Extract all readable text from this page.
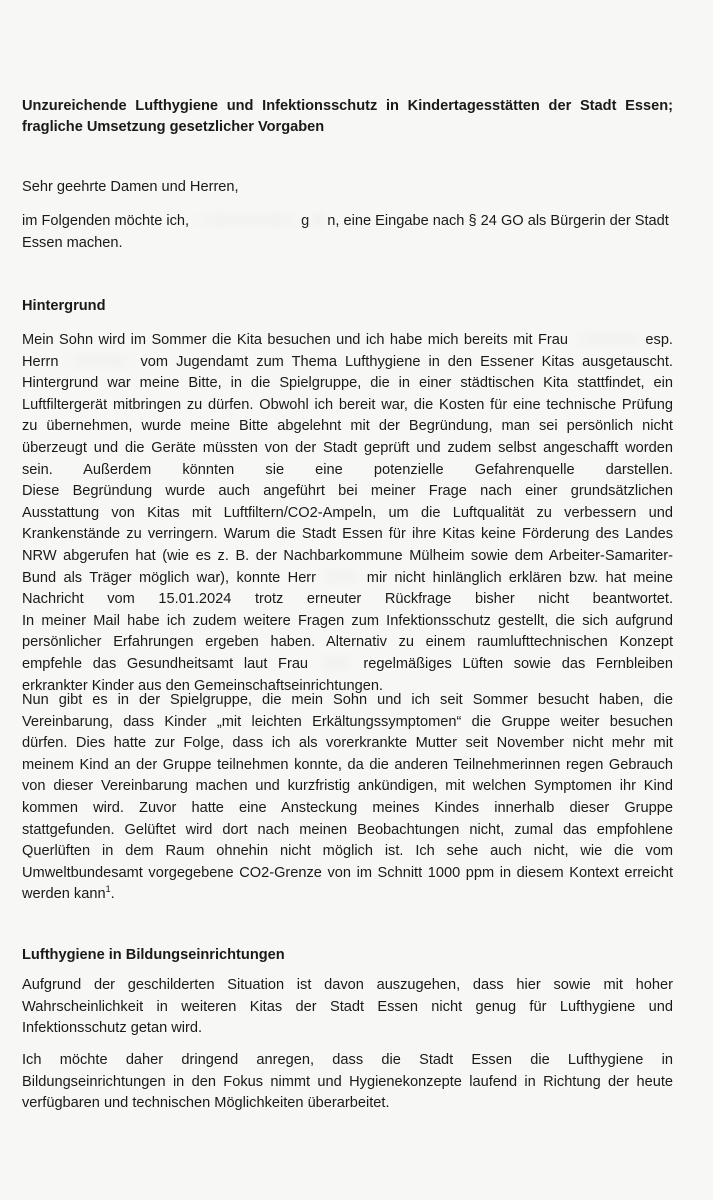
Unzureichende Lufthygiene und Infektionsschutz in Kindertagesstätten der Stadt Essen;
fragliche Umsetzung gesetzlicher Vorgaben
Sehr geehrte Damen und Herren,
im Folgenden möchte ich,	g n, eine Eingabe nach § 24 GO als Bürgerin der Stadt
Essen machen.
Hintergrund
Mein Sohn wird im Sommer die Kita besuchen und ich habe mich bereits mit Frau	esp.
Herrn	vom Jugendamt zum Thema Lufthygiene in den Essener Kitas ausgetauscht.
Hintergrund war meine Bitte, in die Spielgruppe, die in einer städtischen Kita stattfindet, ein
Luftfiltergerät mitbringen zu dürfen. Obwohl ich bereit war, die Kosten für eine technische Prüfung
zu übernehmen, wurde meine Bitte abgelehnt mit der Begründung, man sei persönlich nicht
überzeugt und die Geräte müssten von der Stadt geprüft und zudem selbst angeschafft worden
sein. Außerdem könnten sie eine potenzielle Gefahrenquelle darstellen.
Diese Begründung wurde auch angeführt bei meiner Frage nach einer grundsätzlichen
Ausstattung von Kitas mit Luftfiltern/CO2-Ampeln, um die Luftqualität zu verbessern und
Krankenstände zu verringern. Warum die Stadt Essen für ihre Kitas keine Förderung des Landes
NRW abgerufen hat (wie es z. B. der Nachbarkommune Mülheim sowie dem Arbeiter-Samariter-
Bund als Träger möglich war), konnte Herr	mir nicht hinlänglich erklären bzw. hat meine
Nachricht vom 15.01.2024 trotz erneuter Rückfrage bisher nicht beantwortet.
In meiner Mail habe ich zudem weitere Fragen zum Infektionsschutz gestellt, die sich aufgrund
persönlicher Erfahrungen ergeben haben. Alternativ zu einem raumlufttechnischen Konzept
empfehle das Gesundheitsamt laut Frau	regelmäßiges Lüften sowie das Fernbleiben
erkrankter Kinder aus den Gemeinschaftseinrichtungen.
Nun gibt es in der Spielgruppe, die mein Sohn und ich seit Sommer besucht haben, die
Vereinbarung, dass Kinder „mit leichten Erkältungssymptomen“ die Gruppe weiter besuchen
dürfen. Dies hatte zur Folge, dass ich als vorerkrankte Mutter seit November nicht mehr mit
meinem Kind an der Gruppe teilnehmen konnte, da die anderen Teilnehmerinnen regen Gebrauch
von dieser Vereinbarung machen und kurzfristig ankündigen, mit welchen Symptomen ihr Kind
kommen wird. Zuvor hatte eine Ansteckung meines Kindes innerhalb dieser Gruppe
stattgefunden. Gelüftet wird dort nach meinen Beobachtungen nicht, zumal das empfohlene
Querlüften in dem Raum ohnehin nicht möglich ist. Ich sehe auch nicht, wie die vom
Umweltbundesamt vorgegebene CO2-Grenze von im Schnitt 1000 ppm in diesem Kontext erreicht
werden kann$^1$.
Lufthygiene in Bildungseinrichtungen
Aufgrund der geschilderten Situation ist davon auszugehen, dass hier sowie mit hoher
Wahrscheinlichkeit in weiteren Kitas der Stadt Essen nicht genug für Lufthygiene und
Infektionsschutz getan wird.
Ich möchte daher dringend anregen, dass die Stadt Essen die Lufthygiene in
Bildungseinrichtungen in den Fokus nimmt und Hygienekonzepte laufend in Richtung der heute
verfügbaren und technischen Möglichkeiten überarbeitet.
